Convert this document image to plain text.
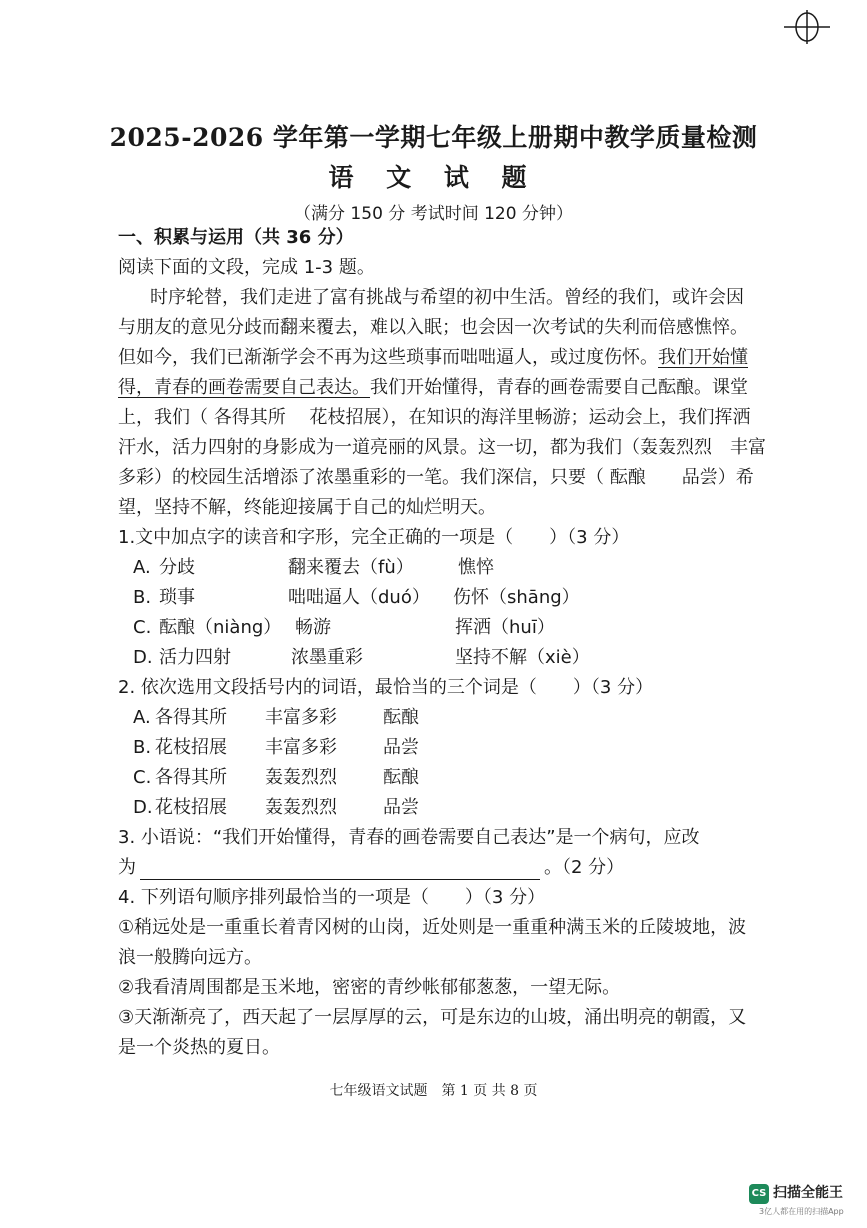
2025-2026 学年第一学期七年级上册期中教学质量检测
语 文 试 题
（满分 150 分 考试时间 120 分钟）
一、积累与运用（共 36 分）
阅读下面的文段，完成 1-3 题。
时序轮替，我们走进了富有挑战与希望的初中生活。曾经的我们，或许会因
与朋友的意见分歧而翻来覆去，难以入眠；也会因一次考试的失利而倍感憔悴。
但如今，我们已渐渐学会不再为这些琐事而咄咄逼人，或过度伤怀。我们开始懂
得，青春的画卷需要自己表达。我们开始懂得，青春的画卷需要自己酝酿。课堂
上，我们（ 各得其所　 花枝招展），在知识的海洋里畅游；运动会上，我们挥洒
汗水，活力四射的身影成为一道亮丽的风景。这一切，都为我们（轰轰烈烈　丰富
多彩）的校园生活增添了浓墨重彩的一笔。我们深信，只要（ 酝酿　　品尝）希
望，坚持不解，终能迎接属于自己的灿烂明天。
1.文中加点字的读音和字形，完全正确的一项是（　　）（3 分）
A. 分歧	翻来覆去（fù） 憔悴
B. 琐事	咄咄逼人（duó） 伤怀（shāng）
C. 酝酿（niàng） 畅游	挥洒（huī）
D. 活力四射	浓墨重彩	坚持不解（xiè）
2. 依次选用文段括号内的词语，最恰当的三个词是（　　）（3 分）
A. 各得其所 丰富多彩	酝酿
B. 花枝招展 丰富多彩	品尝
C. 各得其所 轰轰烈烈	酝酿
D. 花枝招展 轰轰烈烈	品尝
3. 小语说：“我们开始懂得，青春的画卷需要自己表达”是一个病句，应改
为	。（2 分）
4. 下列语句顺序排列最恰当的一项是（　　）（3 分）
①稍远处是一重重长着青冈树的山岗，近处则是一重重种满玉米的丘陵坡地，波
浪一般腾向远方。
②我看清周围都是玉米地，密密的青纱帐郁郁葱葱，一望无际。
③天渐渐亮了，西天起了一层厚厚的云，可是东边的山坡，涌出明亮的朝霞，又
是一个炎热的夏日。
七年级语文试题　第 1 页 共 8 页
CS 扫描全能王
3亿人都在用的扫描App
